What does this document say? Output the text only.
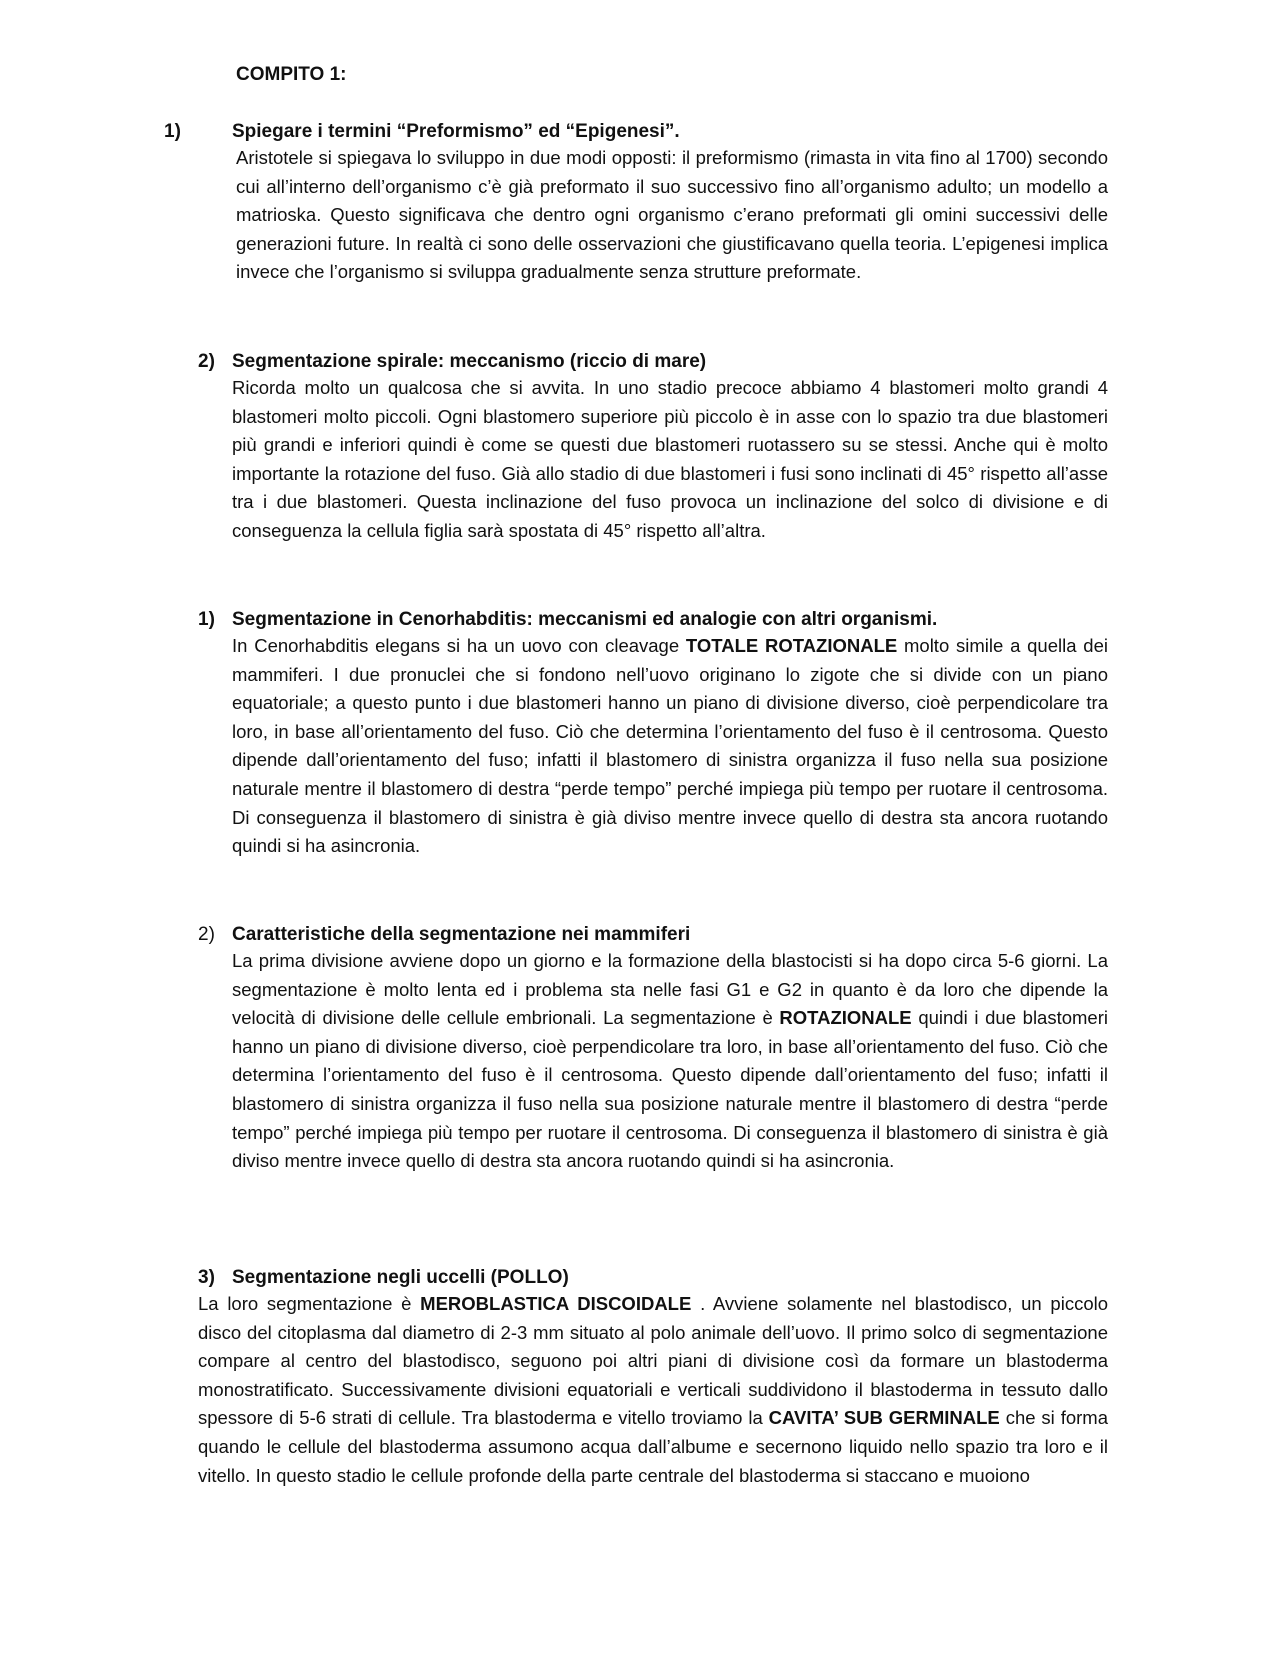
COMPITO 1:
1)	Spiegare i termini “Preformismo” ed “Epigenesi”.

Aristotele si spiegava lo sviluppo in due modi opposti: il preformismo (rimasta in vita fino al 1700) secondo cui all’interno dell’organismo c’è già preformato il suo successivo fino all’organismo adulto; un modello a matrioska. Questo significava che dentro ogni organismo c’erano preformati gli omini successivi delle generazioni future. In realtà ci sono delle osservazioni che giustificavano quella teoria. L’epigenesi implica invece che l’organismo si sviluppa gradualmente senza strutture preformate.

2) Segmentazione spirale: meccanismo (riccio di mare)

Ricorda molto un qualcosa che si avvita. In uno stadio precoce abbiamo 4 blastomeri molto grandi 4 blastomeri molto piccoli. Ogni blastomero superiore più piccolo è in asse con lo spazio tra due blastomeri più grandi e inferiori quindi è come se questi due blastomeri ruotassero su se stessi. Anche qui è molto importante la rotazione del fuso. Già allo stadio di due blastomeri i fusi sono inclinati di 45° rispetto all’asse tra i due blastomeri. Questa inclinazione del fuso provoca un inclinazione del solco di divisione e di conseguenza la cellula figlia sarà spostata di 45° rispetto all’altra.

1) Segmentazione in Cenorhabditis: meccanismi ed analogie con altri organismi.

In Cenorhabditis elegans si ha un uovo con cleavage TOTALE ROTAZIONALE molto simile a quella dei mammiferi. I due pronuclei che si fondono nell’uovo originano lo zigote che si divide con un piano equatoriale; a questo punto i due blastomeri hanno un piano di divisione diverso, cioè perpendicolare tra loro, in base all’orientamento del fuso. Ciò che determina l’orientamento del fuso è il centrosoma. Questo dipende dall’orientamento del fuso; infatti il blastomero di sinistra organizza il fuso nella sua posizione naturale mentre il blastomero di destra “perde tempo” perché impiega più tempo per ruotare il centrosoma. Di conseguenza il blastomero di sinistra è già diviso mentre invece quello di destra sta ancora ruotando quindi si ha asincronia.

2) Caratteristiche della segmentazione nei mammiferi

La prima divisione avviene dopo un giorno e la formazione della blastocisti si ha dopo circa 5-6 giorni. La segmentazione è molto lenta ed i problema sta nelle fasi G1 e G2 in quanto è da loro che dipende la velocità di divisione delle cellule embrionali. La segmentazione è ROTAZIONALE quindi i due blastomeri hanno un piano di divisione diverso, cioè perpendicolare tra loro, in base all’orientamento del fuso. Ciò che determina l’orientamento del fuso è il centrosoma. Questo dipende dall’orientamento del fuso; infatti il blastomero di sinistra organizza il fuso nella sua posizione naturale mentre il blastomero di destra “perde tempo” perché impiega più tempo per ruotare il centrosoma. Di conseguenza il blastomero di sinistra è già diviso mentre invece quello di destra sta ancora ruotando quindi si ha asincronia.

3) Segmentazione negli uccelli (POLLO)

La loro segmentazione è MEROBLASTICA DISCOIDALE . Avviene solamente nel blastodisco, un piccolo disco del citoplasma dal diametro di 2-3 mm situato al polo animale dell’uovo. Il primo solco di segmentazione compare al centro del blastodisco, seguono poi altri piani di divisione così da formare un blastoderma monostratificato. Successivamente divisioni equatoriali e verticali suddividono il blastoderma in tessuto dallo spessore di 5-6 strati di cellule. Tra blastoderma e vitello troviamo la CAVITA’ SUB GERMINALE che si forma quando le cellule del blastoderma assumono acqua dall’albume e secernono liquido nello spazio tra loro e il vitello. In questo stadio le cellule profonde della parte centrale del blastoderma si staccano e muoiono
